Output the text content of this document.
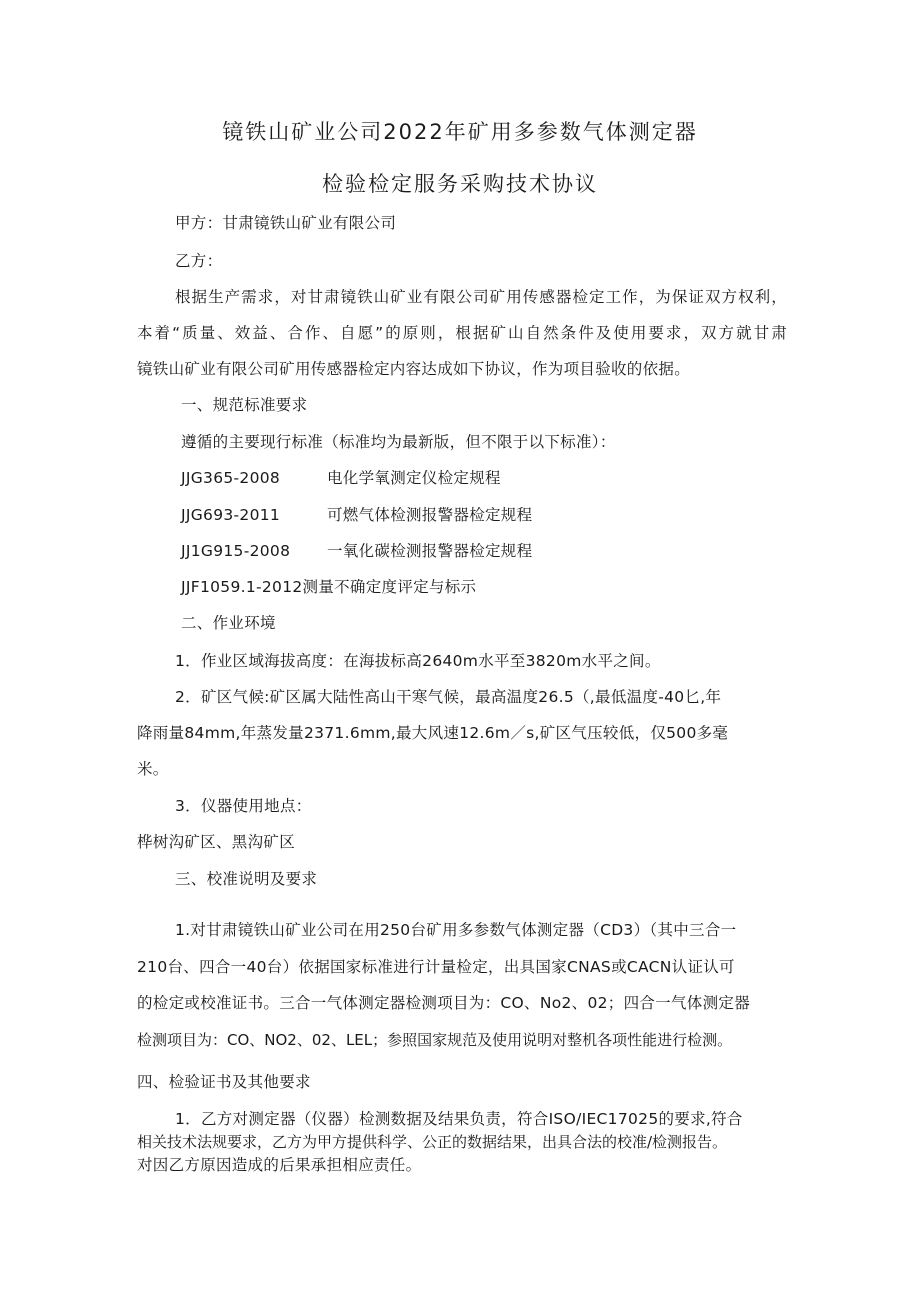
镜铁山矿业公司2022年矿用多参数气体测定器
检验检定服务采购技术协议
甲方：甘肃镜铁山矿业有限公司
乙方：
根据生产需求，对甘肃镜铁山矿业有限公司矿用传感器检定工作，为保证双方权利，
本着“质量、效益、合作、自愿”的原则，根据矿山自然条件及使用要求，双方就甘肃
镜铁山矿业有限公司矿用传感器检定内容达成如下协议，作为项目验收的依据。
一、规范标准要求
遵循的主要现行标准（标准均为最新版，但不限于以下标准）：
JJG365-2008	电化学氧测定仪检定规程
JJG693-2011	可燃气体检测报警器检定规程
JJ1G915-2008 一氧化碳检测报警器检定规程
JJF1059.1-2012测量不确定度评定与标示
二、作业环境
1．作业区域海拔高度：在海拔标高2640m水平至3820m水平之间。
2．矿区气候:矿区属大陆性高山干寒气候，最高温度26.5（,最低温度-40匕,年
降雨量84mm,年蒸发量2371.6mm,最大风速12.6m／s,矿区气压较低，仅500多毫
米。
3．仪器使用地点：
桦树沟矿区、黑沟矿区
三、校准说明及要求
1.对甘肃镜铁山矿业公司在用250台矿用多参数气体测定器（CD3）（其中三合一
210台、四合一40台）依据国家标准进行计量检定，出具国家CNAS或CACN认证认可
的检定或校准证书。三合一气体测定器检测项目为：CO、No2、02；四合一气体测定器
检测项目为：CO、NO2、02、LEL；参照国家规范及使用说明对整机各项性能进行检测。
四、检验证书及其他要求
1．乙方对测定器（仪器）检测数据及结果负责，符合ISO/IEC17025的要求,符合
相关技术法规要求，乙方为甲方提供科学、公正的数据结果，出具合法的校准/检测报告。
对因乙方原因造成的后果承担相应责任。
